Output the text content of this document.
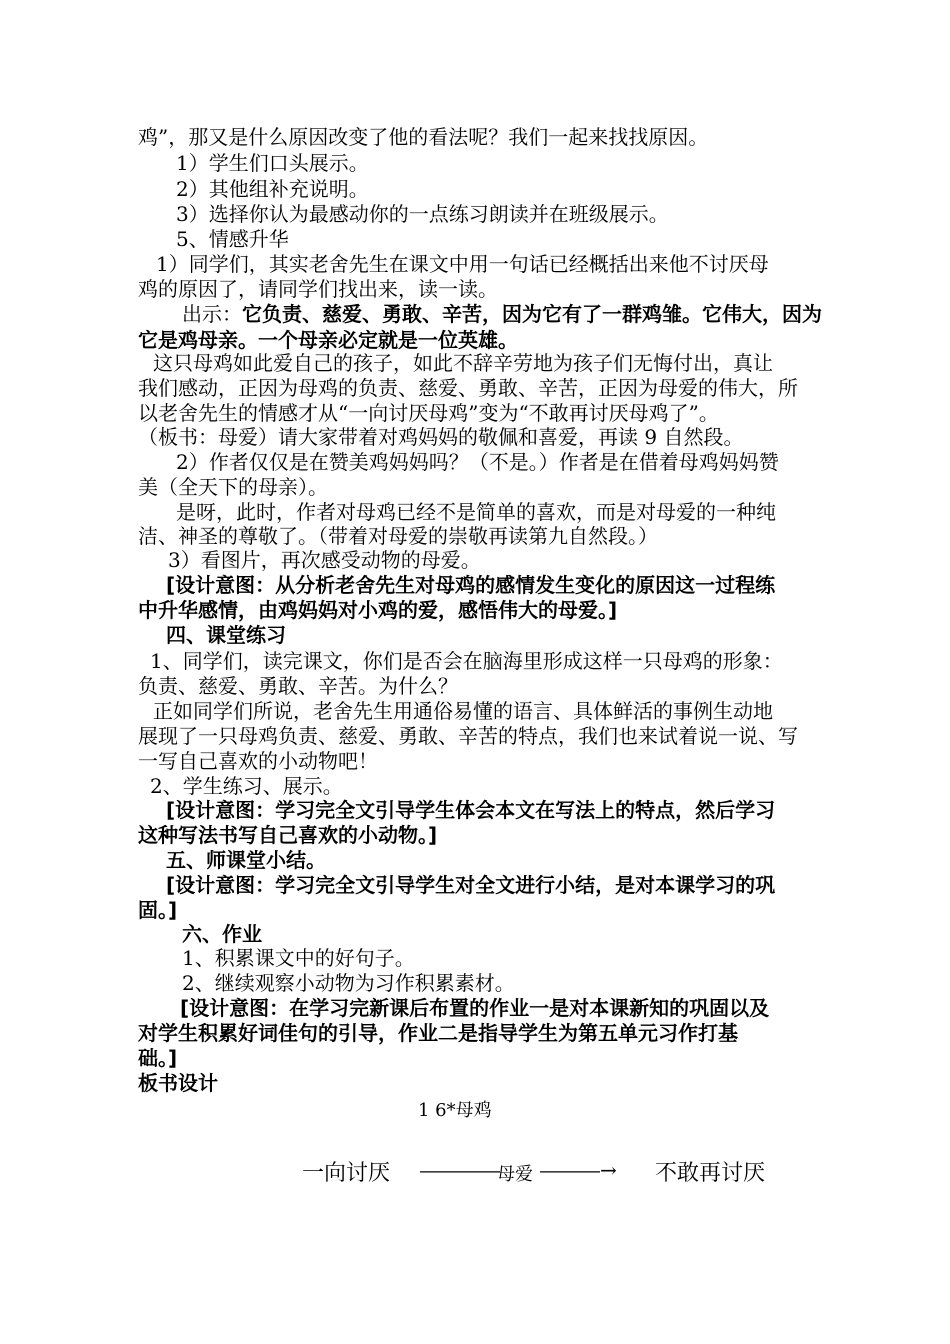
鸡”，那又是什么原因改变了他的看法呢？我们一起来找找原因。
1）学生们口头展示。
2）其他组补充说明。
3）选择你认为最感动你的一点练习朗读并在班级展示。
5、情感升华
1）同学们，其实老舍先生在课文中用一句话已经概括出来他不讨厌母
鸡的原因了，请同学们找出来，读一读。
出示：它负责、慈爱、勇敢、辛苦，因为它有了一群鸡雏。它伟大，因为
它是鸡母亲。一个母亲必定就是一位英雄。
这只母鸡如此爱自己的孩子，如此不辞辛劳地为孩子们无悔付出，真让
我们感动，正因为母鸡的负责、慈爱、勇敢、辛苦，正因为母爱的伟大，所
以老舍先生的情感才从“一向讨厌母鸡”变为“不敢再讨厌母鸡了”。
（板书：母爱）请大家带着对鸡妈妈的敬佩和喜爱，再读 9 自然段。
2）作者仅仅是在赞美鸡妈妈吗？（不是。）作者是在借着母鸡妈妈赞
美（全天下的母亲）。
是呀，此时，作者对母鸡已经不是简单的喜欢，而是对母爱的一种纯
洁、神圣的尊敬了。（带着对母爱的崇敬再读第九自然段。）
3）看图片，再次感受动物的母爱。
[设计意图：从分析老舍先生对母鸡的感情发生变化的原因这一过程练
中升华感情，由鸡妈妈对小鸡的爱，感悟伟大的母爱。]
四、课堂练习
1、同学们，读完课文，你们是否会在脑海里形成这样一只母鸡的形象：
负责、慈爱、勇敢、辛苦。为什么？
正如同学们所说，老舍先生用通俗易懂的语言、具体鲜活的事例生动地
展现了一只母鸡负责、慈爱、勇敢、辛苦的特点，我们也来试着说一说、写
一写自己喜欢的小动物吧！
2、学生练习、展示。
[设计意图：学习完全文引导学生体会本文在写法上的特点，然后学习
这种写法书写自己喜欢的小动物。]
五、师课堂小结。
[设计意图：学习完全文引导学生对全文进行小结，是对本课学习的巩
固。]
六、作业
1、积累课文中的好句子。
2、继续观察小动物为习作积累素材。
[设计意图：在学习完新课后布置的作业一是对本课新知的巩固以及
对学生积累好词佳句的引导，作业二是指导学生为第五单元习作打基
础。]
板书设计
1 6*母鸡
一向讨厌 ――――
母爱 ―――→ 不敢再讨厌
